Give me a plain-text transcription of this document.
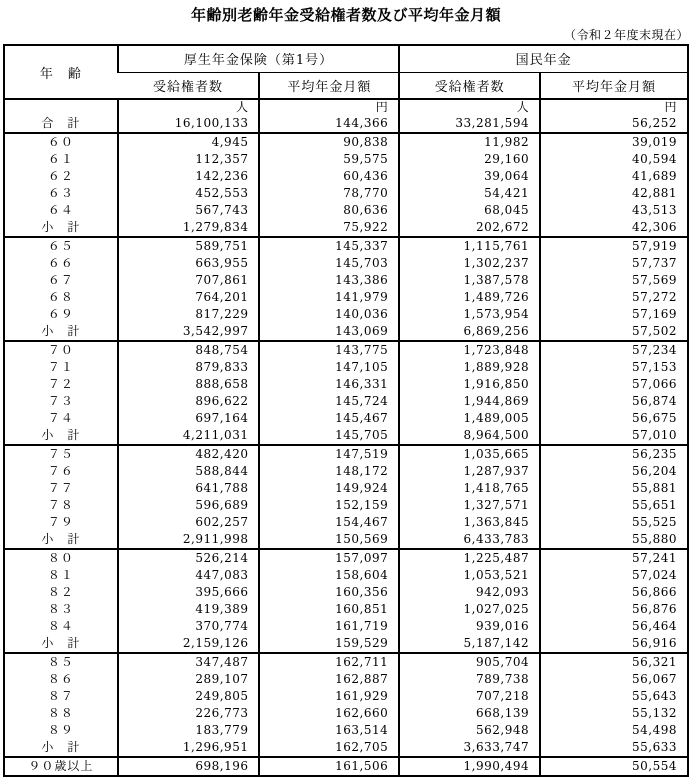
年齢別老齢年金受給権者数及び平均年金月額
（令和２年度末現在）
年　齢	厚生年金保険（第1号）		国民年金	
	受給権者数	平均年金月額	受給権者数	平均年金月額
	人	円	人	円
合　計	16,100,133	144,366	33,281,594	56,252
６０	4,945	90,838	11,982	39,019
６１	112,357	59,575	29,160	40,594
６２	142,236	60,436	39,064	41,689
６３	452,553	78,770	54,421	42,881
６４	567,743	80,636	68,045	43,513
小　計	1,279,834	75,922	202,672	42,306
６５	589,751	145,337	1,115,761	57,919
６６	663,955	145,703	1,302,237	57,737
６７	707,861	143,386	1,387,578	57,569
６８	764,201	141,979	1,489,726	57,272
６９	817,229	140,036	1,573,954	57,169
小　計	3,542,997	143,069	6,869,256	57,502
７０	848,754	143,775	1,723,848	57,234
７１	879,833	147,105	1,889,928	57,153
７２	888,658	146,331	1,916,850	57,066
７３	896,622	145,724	1,944,869	56,874
７４	697,164	145,467	1,489,005	56,675
小　計	4,211,031	145,705	8,964,500	57,010
７５	482,420	147,519	1,035,665	56,235
７６	588,844	148,172	1,287,937	56,204
７７	641,788	149,924	1,418,765	55,881
７８	596,689	152,159	1,327,571	55,651
７９	602,257	154,467	1,363,845	55,525
小　計	2,911,998	150,569	6,433,783	55,880
８０	526,214	157,097	1,225,487	57,241
８１	447,083	158,604	1,053,521	57,024
８２	395,666	160,356	942,093	56,866
８３	419,389	160,851	1,027,025	56,876
８４	370,774	161,719	939,016	56,464
小　計	2,159,126	159,529	5,187,142	56,916
８５	347,487	162,711	905,704	56,321
８６	289,107	162,887	789,738	56,067
８７	249,805	161,929	707,218	55,643
８８	226,773	162,660	668,139	55,132
８９	183,779	163,514	562,948	54,498
小　計	1,296,951	162,705	3,633,747	55,633
９０歳以上	698,196	161,506	1,990,494	50,554
